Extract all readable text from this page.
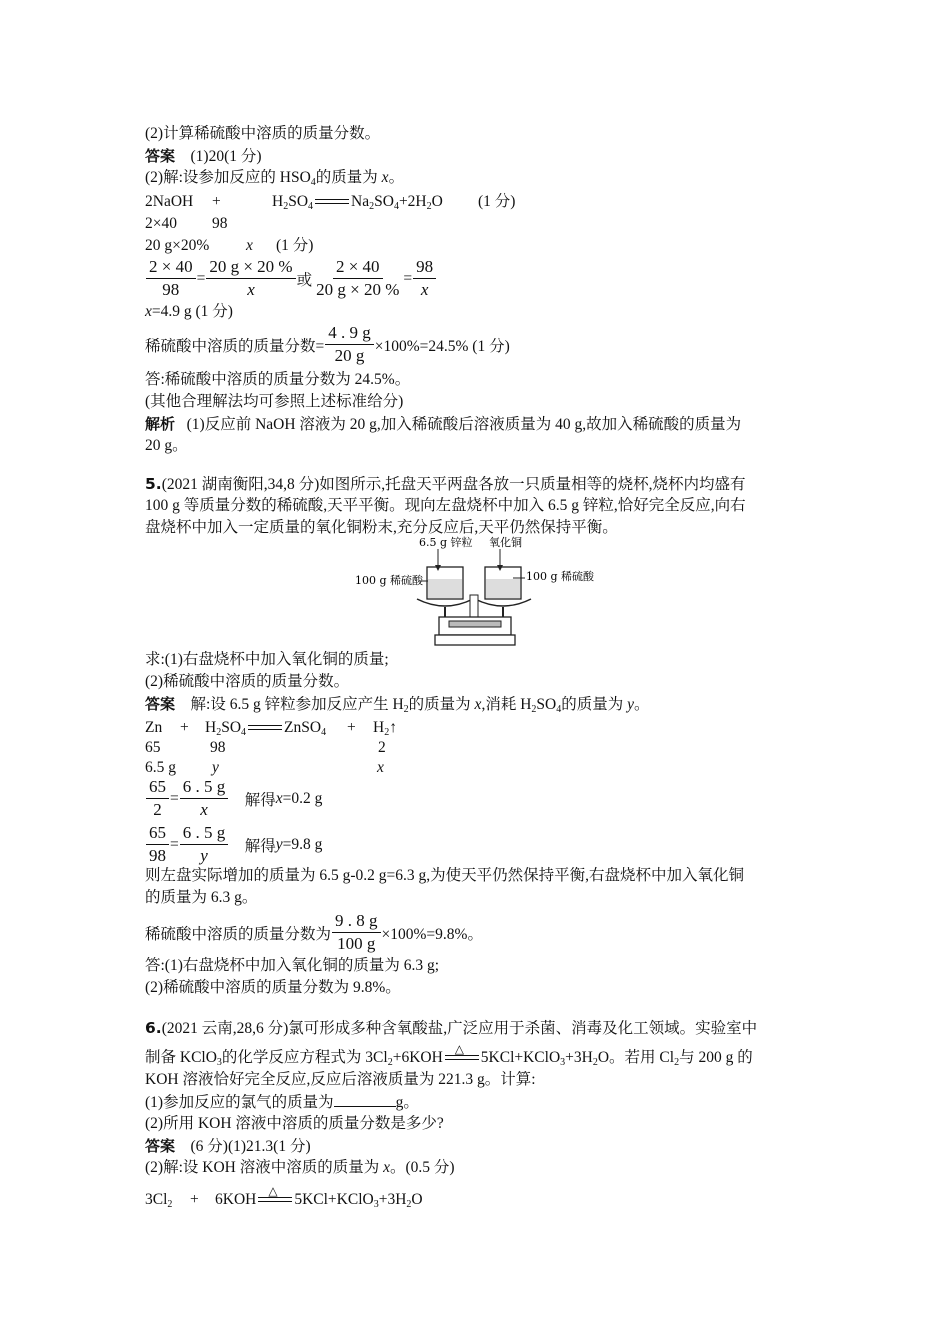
(2)计算稀硫酸中溶质的质量分数。
答案 (1)20(1 分)
(2)解:设参加反应的 $HSO_4$的质量为 x。
2NaOH +	$H_2SO_4$ $Na_2SO_4+2H_2O$ (1 分)
2×40 98
20 g×20% x (1 分)
$\frac{2 \times 40}{98} = \frac{20 g \times 20 \%}{x}$ 或 $\frac{2 \times 40}{20 g \times 20 \%} = \frac{98}{x}$
x=4.9 g (1 分)
稀硫酸中溶质的质量分数= $\frac{4 . 9 g}{20 g} \times 100\%=24.5\%$ (1 分)
答:稀硫酸中溶质的质量分数为 24.5%。
(其他合理解法均可参照上述标准给分)
解析 (1)反应前 NaOH 溶液为 20 g,加入稀硫酸后溶液质量为 40 g,故加入稀硫酸的质量为
20 g。
5.(2021 湖南衡阳,34,8 分)如图所示,托盘天平两盘各放一只质量相等的烧杯,烧杯内均盛有
100 g 等质量分数的稀硫酸,天平平衡。现向左盘烧杯中加入 6.5 g 锌粒,恰好完全反应,向右
盘烧杯中加入一定质量的氧化铜粉末,充分反应后,天平仍然保持平衡。
6.5 g 锌粒 氧化铜
100 g 稀硫酸	100 g 稀硫酸
求:(1)右盘烧杯中加入氧化铜的质量;
(2)稀硫酸中溶质的质量分数。
答案 解:设 6.5 g 锌粒参加反应产生 $H_2$的质量为 x,消耗 $H_2SO_4$的质量为 y。
$Zn + H_2SO_4$ ZnSO$_4$ + $H_2↑$
65	98	2
6.5 g y	x
$\frac{65}{2} = \frac{6 . 5 g}{x}$
解得 x =0.2 g
$\frac{65}{98} = \frac{6 . 5 g}{y}$
解得 y =9.8 g
则左盘实际增加的质量为 6.5 g-0.2 g=6.3 g,为使天平仍然保持平衡,右盘烧杯中加入氧化铜
的质量为 6.3 g。
稀硫酸中溶质的质量分数为 $\frac{9 . 8 g}{100 g} \times 100\%=9.8\%$。
答:(1)右盘烧杯中加入氧化铜的质量为 6.3 g;
(2)稀硫酸中溶质的质量分数为 9.8%。
6.(2021 云南,28,6 分)氯可形成多种含氧酸盐,广泛应用于杀菌、消毒及化工领域。实验室中
制备 KClO$_3$的化学反应方程式为 $3Cl_2+6KOH$ △ $5KCl+KClO_3+3H_2O$。若用 $Cl_2$与 200 g 的
KOH 溶液恰好完全反应,反应后溶液质量为 221.3 g。计算:
(1)参加反应的氯气的质量为	g。
(2)所用 KOH 溶液中溶质的质量分数是多少?
答案 (6 分)(1)21.3(1 分)
(2)解:设 KOH 溶液中溶质的质量为 x。(0.5 分)
$3Cl_2 + 6KOH$ △ $5KCl+KClO_3+3H_2O$
